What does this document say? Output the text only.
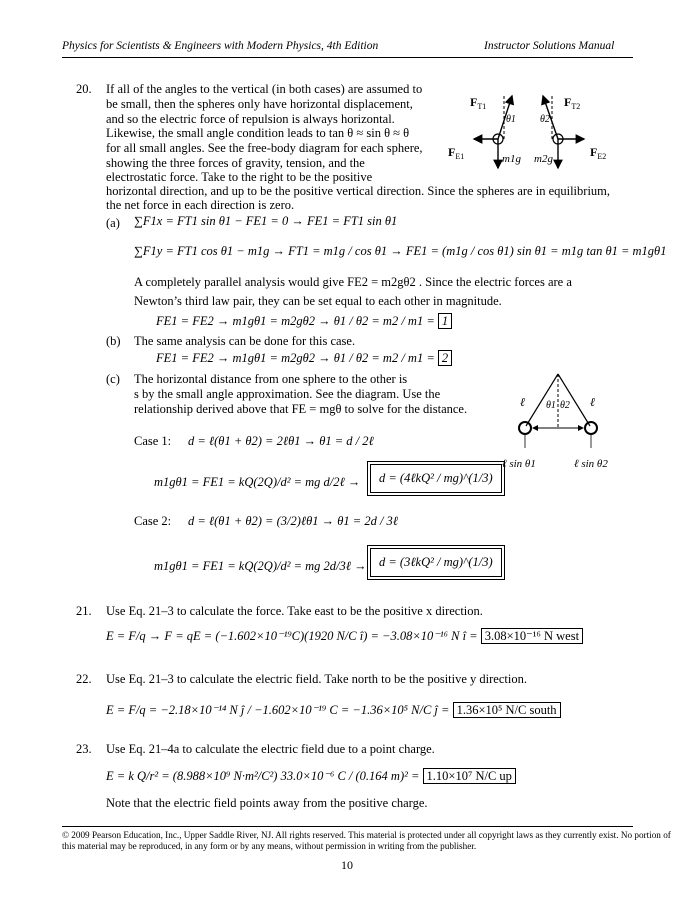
Physics for Scientists & Engineers with Modern Physics, 4th Edition	Instructor Solutions Manual
20. If all of the angles to the vertical (in both cases) are assumed to
be small, then the spheres only have horizontal displacement,
and so the electric force of repulsion is always horizontal.
Likewise, the small angle condition leads to tan θ ≈ sin θ ≈ θ
for all small angles. See the free-body diagram for each sphere,
showing the three forces of gravity, tension, and the
electrostatic force. Take to the right to be the positive
horizontal direction, and up to be the positive vertical direction. Since the spheres are in equilibrium,
the net force in each direction is zero.
$F_{T1}$
θ1
$F_{T2}$
θ2
$F_{E1}$	m1g m2g	$F_{E2}$
(a) ∑F1x = FT1 sin θ1 − FE1 = 0 → FE1 = FT1 sin θ1
∑F1y = FT1 cos θ1 − m1g → FT1 = m1g / cos θ1 → FE1 = (m1g / cos θ1) sin θ1 = m1g tan θ1 = m1gθ1
A completely parallel analysis would give FE2 = m2gθ2 . Since the electric forces are a
Newton’s third law pair, they can be set equal to each other in magnitude.
FE1 = FE2 → m1gθ1 = m2gθ2 → θ1 / θ2 = m2 / m1 = 1
(b) The same analysis can be done for this case.
FE1 = FE2 → m1gθ1 = m2gθ2 → θ1 / θ2 = m2 / m1 = 2
(c) The horizontal distance from one sphere to the other is
s by the small angle approximation. See the diagram. Use the
relationship derived above that FE = mgθ to solve for the distance.	ℓ	ℓ
θ1 θ2
ℓ sin θ1	ℓ sin θ2
Case 1: d = ℓ(θ1 + θ2) = 2ℓθ1 → θ1 = d / 2ℓ
m1gθ1 = FE1 = kQ(2Q)/d² = mg d/2ℓ →	d = (4ℓkQ² / mg)^(1/3)
Case 2: d = ℓ(θ1 + θ2) = (3/2)ℓθ1 → θ1 = 2d / 3ℓ
m1gθ1 = FE1 = kQ(2Q)/d² = mg 2d/3ℓ → d = (3ℓkQ² / mg)^(1/3)
21. Use Eq. 21–3 to calculate the force. Take east to be the positive x direction.
E = F/q → F = qE = (−1.602×10⁻¹⁹C)(1920 N/C î) = −3.08×10⁻¹⁶ N î = 3.08×10⁻¹⁶ N west
22. Use Eq. 21–3 to calculate the electric field. Take north to be the positive y direction.
E = F/q = −2.18×10⁻¹⁴ N ĵ / −1.602×10⁻¹⁹ C = −1.36×10⁵ N/C ĵ = 1.36×10⁵ N/C south
23. Use Eq. 21–4a to calculate the electric field due to a point charge.
E = k Q/r² = (8.988×10⁹ N·m²/C²) 33.0×10⁻⁶ C / (0.164 m)² = 1.10×10⁷ N/C up
Note that the electric field points away from the positive charge.
© 2009 Pearson Education, Inc., Upper Saddle River, NJ. All rights reserved. This material is protected under all copyright laws as they currently exist. No portion of this material may be reproduced, in any form or by any means, without permission in writing from the publisher.
10
